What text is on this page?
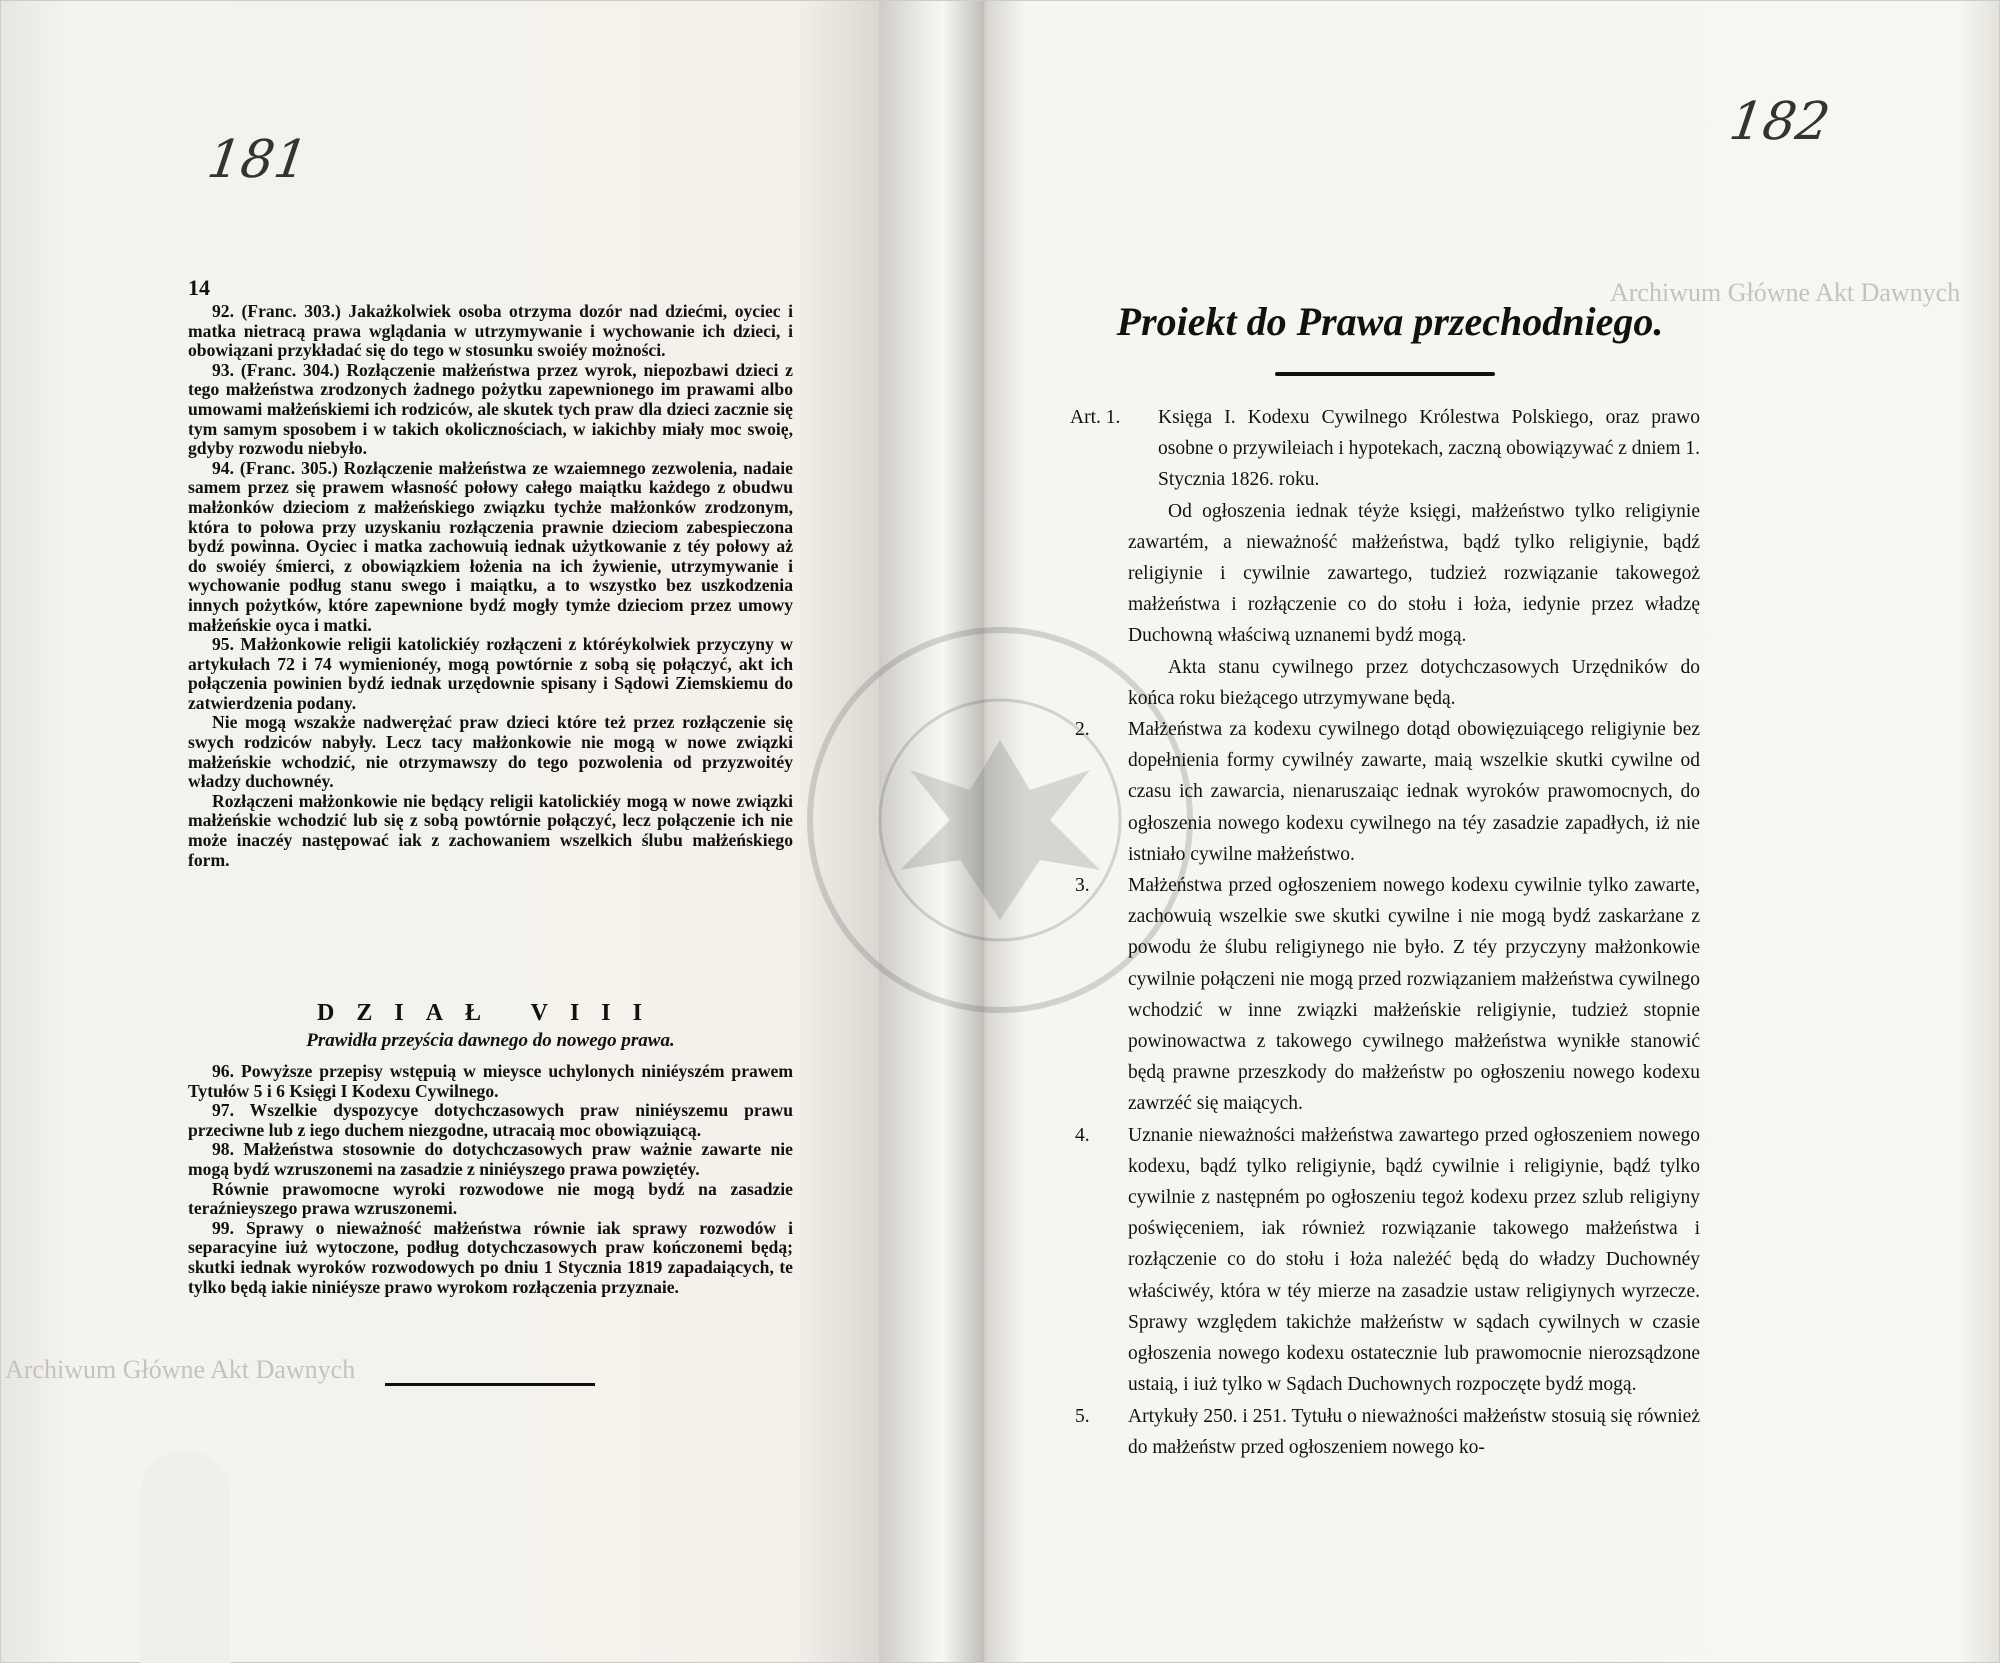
181
182
Archiwum Główne Akt Dawnych
Archiwum Główne Akt Dawnych
14

92. (Franc. 303.) Jakażkolwiek osoba otrzyma dozór nad dziećmi, oyciec i matka nietracą prawa wglądania w utrzymywanie i wychowanie ich dzieci, i obowiązani przykładać się do tego w stosunku swoiéy możności.

93. (Franc. 304.) Rozłączenie małżeństwa przez wyrok, niepozbawi dzieci z tego małżeństwa zrodzonych żadnego pożytku zapewnionego im prawami albo umowami małżeńskiemi ich rodziców, ale skutek tych praw dla dzieci zacznie się tym samym sposobem i w takich okolicznościach, w iakichby miały moc swoię, gdyby rozwodu niebyło.

94. (Franc. 305.) Rozłączenie małżeństwa ze wzaiemnego zezwolenia, nadaie samem przez się prawem własność połowy całego maiątku każdego z obudwu małżonków dzieciom z małżeńskiego związku tychże małżonków zrodzonym, która to połowa przy uzyskaniu rozłączenia prawnie dzieciom zabespieczona bydź powinna. Oyciec i matka zachowuią iednak użytkowanie z téy połowy aż do swoiéy śmierci, z obowiązkiem łożenia na ich żywienie, utrzymywanie i wychowanie podług stanu swego i maiątku, a to wszystko bez uszkodzenia innych pożytków, które zapewnione bydź mogły tymże dzieciom przez umowy małżeńskie oyca i matki.

95. Małżonkowie religii katolickiéy rozłączeni z któréykolwiek przyczyny w artykułach 72 i 74 wymienionéy, mogą powtórnie z sobą się połączyć, akt ich połączenia powinien bydź iednak urzędownie spisany i Sądowi Ziemskiemu do zatwierdzenia podany.

Nie mogą wszakże nadwerężać praw dzieci które też przez rozłączenie się swych rodziców nabyły. Lecz tacy małżonkowie nie mogą w nowe związki małżeńskie wchodzić, nie otrzymawszy do tego pozwolenia od przyzwoitéy władzy duchownéy.

Rozłączeni małżonkowie nie będący religii katolickiéy mogą w nowe związki małżeńskie wchodzić lub się z sobą powtórnie połączyć, lecz połączenie ich nie może inaczéy następować iak z zachowaniem wszelkich ślubu małżeńskiego form.

DZIAŁ VIII
Prawidła przeyścia dawnego do nowego prawa.

96. Powyższe przepisy wstępuią w mieysce uchylonych niniéyszém prawem Tytułów 5 i 6 Księgi I Kodexu Cywilnego.

97. Wszelkie dyspozycye dotychczasowych praw niniéyszemu prawu przeciwne lub z iego duchem niezgodne, utracaią moc obowiązuiącą.

98. Małżeństwa stosownie do dotychczasowych praw ważnie zawarte nie mogą bydź wzruszonemi na zasadzie z niniéyszego prawa powziętéy.

Równie prawomocne wyroki rozwodowe nie mogą bydź na zasadzie teraźnieyszego prawa wzruszonemi.

99. Sprawy o nieważność małżeństwa równie iak sprawy rozwodów i separacyine iuż wytoczone, podług dotychczasowych praw kończonemi będą; skutki iednak wyroków rozwodowych po dniu 1 Stycznia 1819 zapadaiących, te tylko będą iakie niniéysze prawo wyrokom rozłączenia przyznaie.

Proiekt do Prawa przechodniego.
Art. 1.	Księga I. Kodexu Cywilnego Królestwa Polskiego, oraz prawo osobne o przywileiach i hypotekach, zaczną obowiązywać z dniem 1. Stycznia 1826. roku.

Od ogłoszenia iednak téyże księgi, małżeństwo tylko religiynie zawartém, a nieważność małżeństwa, bądź tylko religiynie, bądź religiynie i cywilnie zawartego, tudzież rozwiązanie takowegoż małżeństwa i rozłączenie co do stołu i łoża, iedynie przez władzę Duchowną właściwą uznanemi bydź mogą.

Akta stanu cywilnego przez dotychczasowych Urzędników do końca roku bieżącego utrzymywane będą.

2. Małżeństwa za kodexu cywilnego dotąd obowięzuiącego religiynie bez dopełnienia formy cywilnéy zawarte, maią wszelkie skutki cywilne od czasu ich zawarcia, nienaruszaiąc iednak wyroków prawomocnych, do ogłoszenia nowego kodexu cywilnego na téy zasadzie zapadłych, iż nie istniało cywilne małżeństwo.

3. Małżeństwa przed ogłoszeniem nowego kodexu cywilnie tylko zawarte, zachowuią wszelkie swe skutki cywilne i nie mogą bydź zaskarżane z powodu że ślubu religiynego nie było. Z téy przyczyny małżonkowie cywilnie połączeni nie mogą przed rozwiązaniem małżeństwa cywilnego wchodzić w inne związki małżeńskie religiynie, tudzież stopnie powinowactwa z takowego cywilnego małżeństwa wynikłe stanowić będą prawne przeszkody do małżeństw po ogłoszeniu nowego kodexu zawrzéć się maiących.

4. Uznanie nieważności małżeństwa zawartego przed ogłoszeniem nowego kodexu, bądź tylko religiynie, bądź cywilnie i religiynie, bądź tylko cywilnie z następném po ogłoszeniu tegoż kodexu przez szlub religiyny poświęceniem, iak również rozwiązanie takowego małżeństwa i rozłączenie co do stołu i łoża należéć będą do władzy Duchownéy właściwéy, która w téy mierze na zasadzie ustaw religiynych wyrzecze. Sprawy względem takichże małżeństw w sądach cywilnych w czasie ogłoszenia nowego kodexu ostatecznie lub prawomocnie nierozsądzone ustaią, i iuż tylko w Sądach Duchownych rozpoczęte bydź mogą.

5. Artykuły 250. i 251. Tytułu o nieważności małżeństw stosuią się również do małżeństw przed ogłoszeniem nowego ko-
